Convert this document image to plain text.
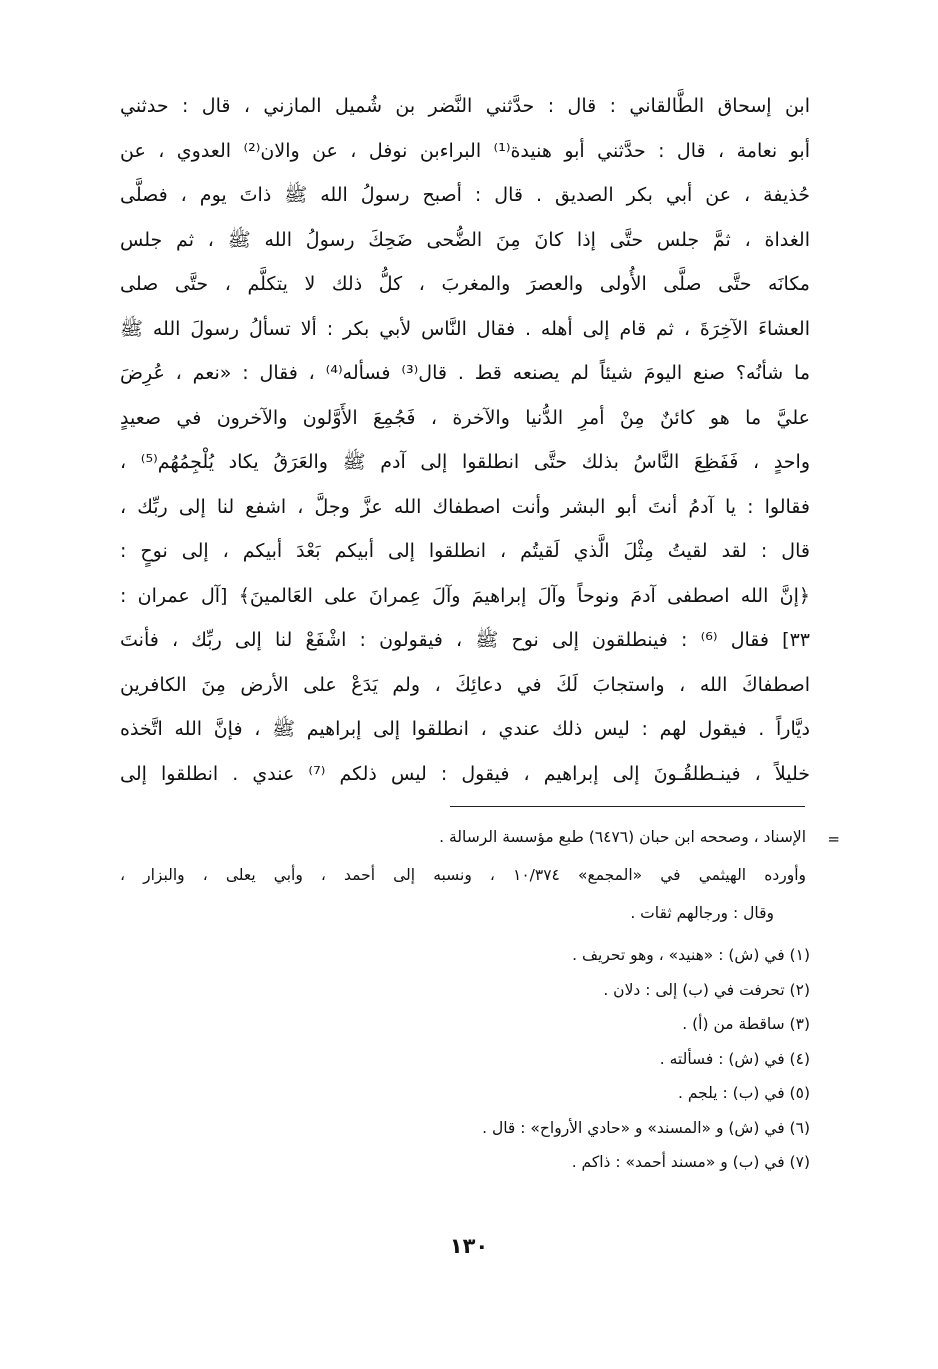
ابن إسحاق الطَّالقاني : قال : حدَّثني النَّضر بن شُميل المازني ، قال : حدثني
أبو نعامة ، قال : حدَّثني أبو هنيدة⁽¹⁾ البراءبن نوفل ، عن والان⁽²⁾ العدوي ، عن
حُذيفة ، عن أبي بكر الصديق . قال : أصبح رسولُ الله ﷺ ذاتَ يوم ، فصلَّى
الغداة ، ثمَّ جلس حتَّى إذا كانَ مِنَ الضُّحى ضَحِكَ رسولُ الله ﷺ ، ثم جلس
مكانَه حتَّى صلَّى الأُولى والعصرَ والمغربَ ، كلُّ ذلك لا يتكلَّم ، حتَّى صلى
العشاءَ الآخِرَةَ ، ثم قام إلى أهله . فقال النَّاس لأبي بكر : ألا تسألُ رسولَ الله ﷺ
ما شأنُه؟ صنع اليومَ شيئاً لم يصنعه قط . قال⁽³⁾ فسأله⁽⁴⁾ ، فقال : «نعم ، عُرِضَ
عليَّ ما هو كائنٌ مِنْ أمرِ الدُّنيا والآخرة ، فَجُمِعَ الأَوَّلون والآخرون في صعيدٍ
واحدٍ ، فَفَظِعَ النَّاسُ بذلك حتَّى انطلقوا إلى آدم ﷺ والعَرَقُ يكاد يُلْجِمُهُم⁽⁵⁾ ،
فقالوا : يا آدمُ أنتَ أبو البشر وأنت اصطفاك الله عزَّ وجلَّ ، اشفع لنا إلى ربِّك ،
قال : لقد لقيتُ مِثْلَ الَّذي لَقيتُم ، انطلقوا إلى أبيكم بَعْدَ أبيكم ، إلى نوحٍ :
﴿إنَّ الله اصطفى آدمَ ونوحاً وآلَ إبراهيمَ وآلَ عِمرانَ على العَالمينَ﴾ [آل عمران :
٣٣] فقال ⁽⁶⁾ : فينطلقون إلى نوح ﷺ ، فيقولون : اشْفَعْ لنا إلى ربِّك ، فأنتَ
اصطفاكَ الله ، واستجابَ لَكَ في دعائِكَ ، ولم يَدَعْ على الأرض مِنَ الكافرين
ديَّاراً . فيقول لهم : ليس ذلك عندي ، انطلقوا إلى إبراهيم ﷺ ، فإنَّ الله اتَّخذه
خليلاً ، فينـطلقُـونَ إلى إبراهيم ، فيقول : ليس ذلكم ⁽⁷⁾ عندي . انطلقوا إلى
=
الإسناد ، وصححه ابن حبان (٦٤٧٦) طبع مؤسسة الرسالة .
وأورده الهيثمي في «المجمع» ١٠/٣٧٤ ، ونسبه إلى أحمد ، وأبي يعلى ، والبزار ،
وقال : ورجالهم ثقات .
(١) في (ش) : «هنيد» ، وهو تحريف .
(٢) تحرفت في (ب) إلى : دلان .
(٣) ساقطة من (أ) .
(٤) في (ش) : فسألته .
(٥) في (ب) : يلجم .
(٦) في (ش) و «المسند» و «حادي الأرواح» : قال .
(٧) في (ب) و «مسند أحمد» : ذاكم .
١٣٠
